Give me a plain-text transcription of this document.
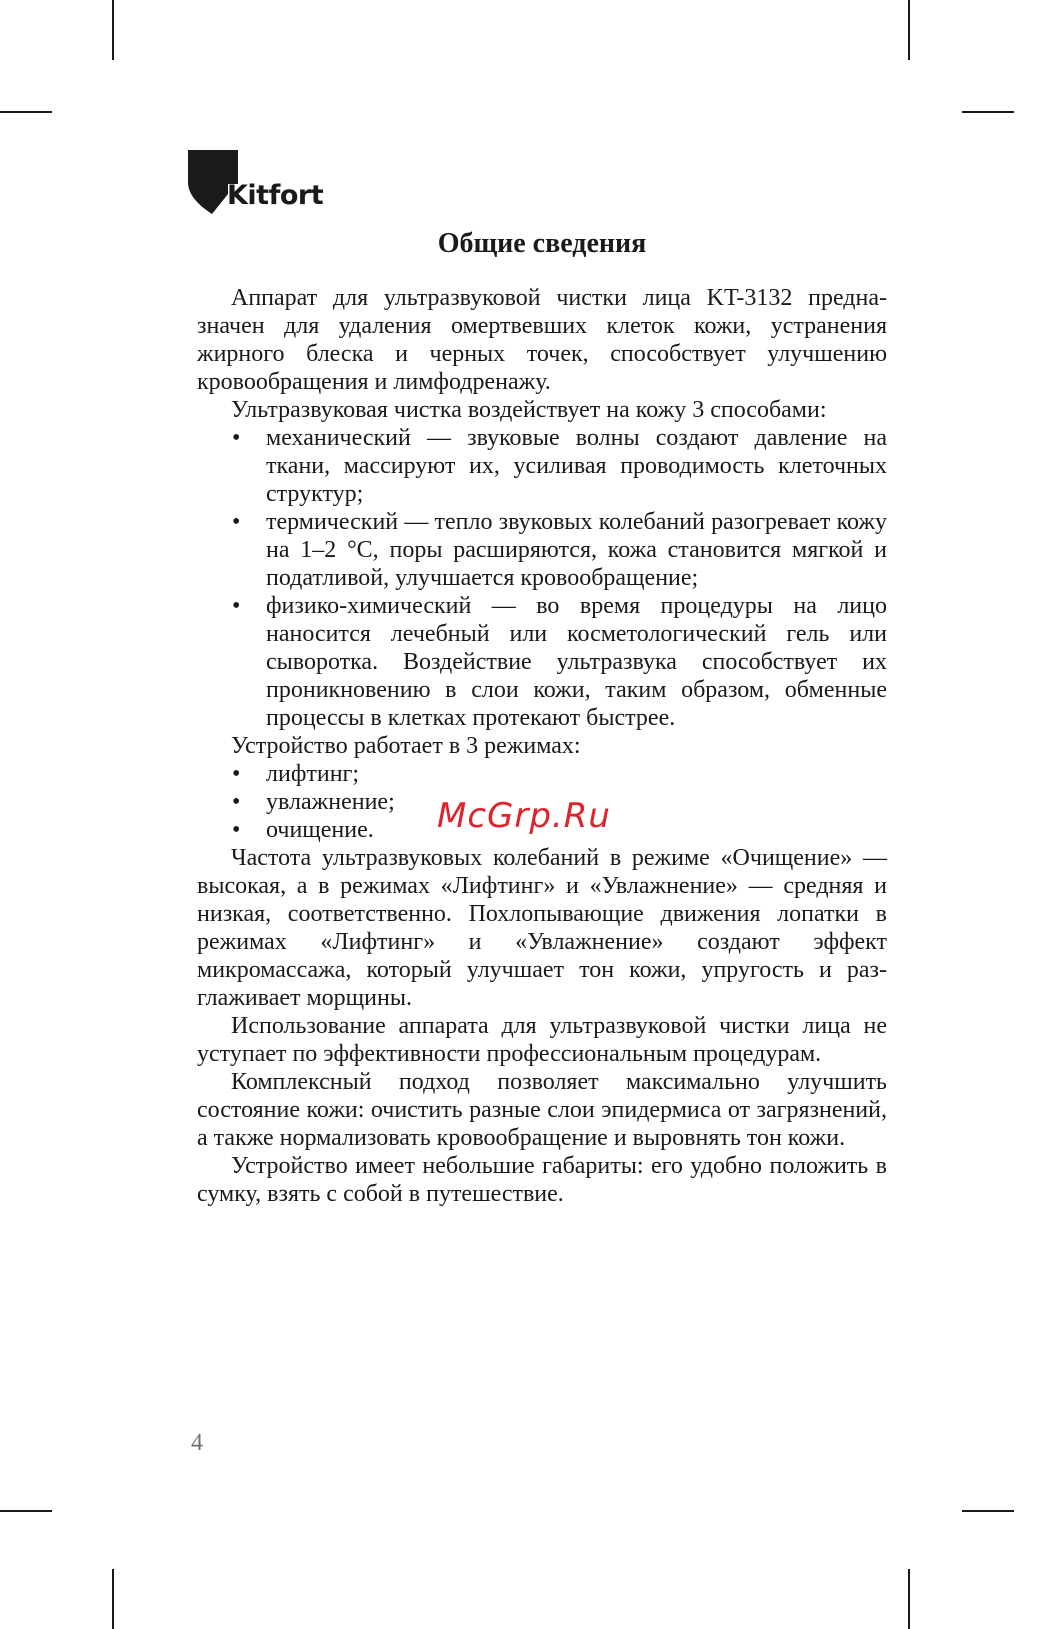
Kitfort
Общие сведения

Аппарат для ультразвуковой чистки лица KT-3132 предназначен для удаления омертвевших клеток кожи, устранения жирного блеска и черных точек, способствует улучшению кровообращения и лимфодренажу.

Ультразвуковая чистка воздействует на кожу 3 способами:

• механический — звуковые волны создают давление на ткани, массируют их, усиливая проводимость клеточных структур;
• термический — тепло звуковых колебаний разогревает кожу на 1–2 °С, поры расширяются, кожа становится мягкой и податливой, улучшается кровообращение;
• физико-химический — во время процедуры на лицо наносится лечебный или косметологический гель или сыворотка. Воздействие ультразвука способствует их проникновению в слои кожи, таким образом, обменные процессы в клетках протекают быстрее.

Устройство работает в 3 режимах:

• лифтинг;
• увлажнение;
• очищение.

Частота ультразвуковых колебаний в режиме «Очищение» — высокая, а в режимах «Лифтинг» и «Увлажнение» — средняя и низкая, соответственно. Похлопывающие движения лопатки в режимах «Лифтинг» и «Увлажнение» создают эффект микромассажа, который улучшает тон кожи, упругость и разглаживает морщины.

Использование аппарата для ультразвуковой чистки лица не уступает по эффективности профессиональным процедурам.

Комплексный подход позволяет максимально улучшить состояние кожи: очистить разные слои эпидермиса от загрязнений, а также нормализовать кровообращение и выровнять тон кожи.

Устройство имеет небольшие габариты: его удобно положить в сумку, взять с собой в путешествие.

McGrp.Ru
4
